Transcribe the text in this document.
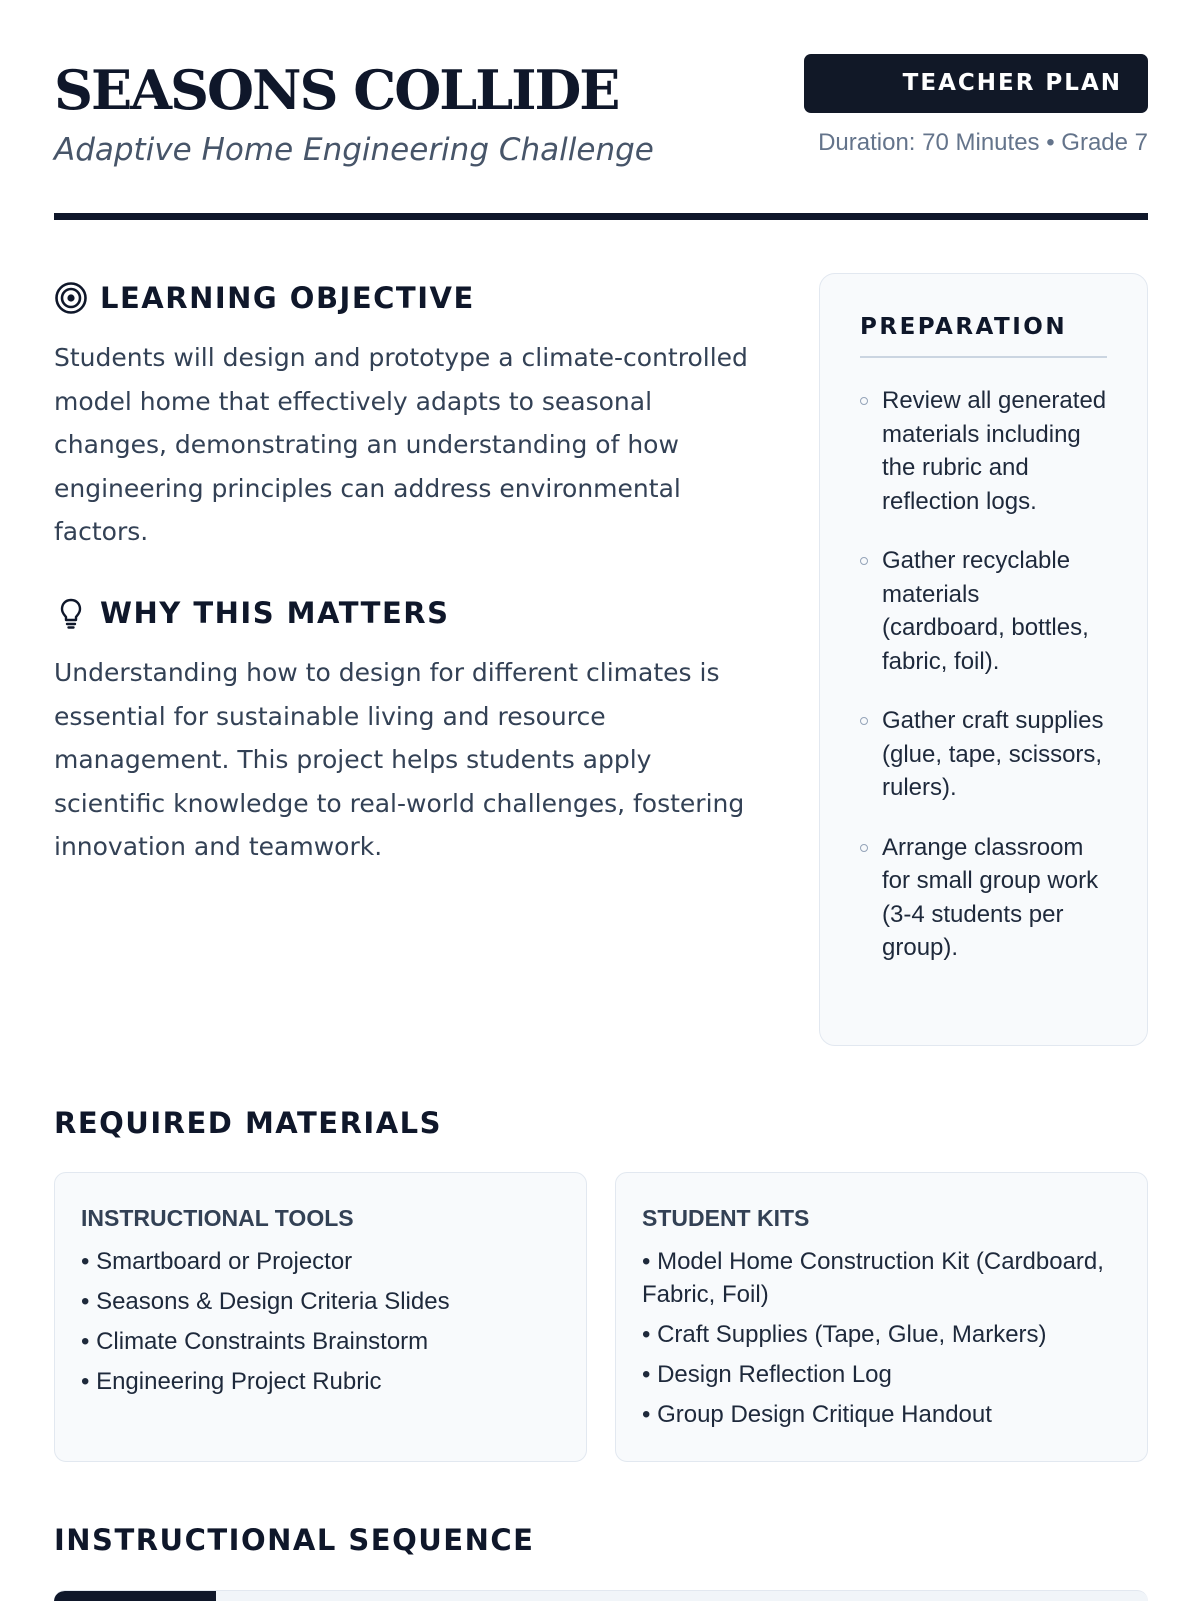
SEASONS COLLIDE
Adaptive Home Engineering Challenge
TEACHER PLAN
Duration: 70 Minutes • Grade 7
LEARNING OBJECTIVE
Students will design and prototype a climate-controlled model home that effectively adapts to seasonal changes, demonstrating an understanding of how engineering principles can address environmental factors.
WHY THIS MATTERS
Understanding how to design for different climates is essential for sustainable living and resource management. This project helps students apply scientific knowledge to real-world challenges, fostering innovation and teamwork.
PREPARATION
Review all generated materials including the rubric and reflection logs.
Gather recyclable materials (cardboard, bottles, fabric, foil).
Gather craft supplies (glue, tape, scissors, rulers).
Arrange classroom for small group work (3-4 students per group).
REQUIRED MATERIALS
INSTRUCTIONAL TOOLS
• Smartboard or Projector
• Seasons & Design Criteria Slides
• Climate Constraints Brainstorm
• Engineering Project Rubric
STUDENT KITS
• Model Home Construction Kit (Cardboard, Fabric, Foil)
• Craft Supplies (Tape, Glue, Markers)
• Design Reflection Log
• Group Design Critique Handout
INSTRUCTIONAL SEQUENCE
